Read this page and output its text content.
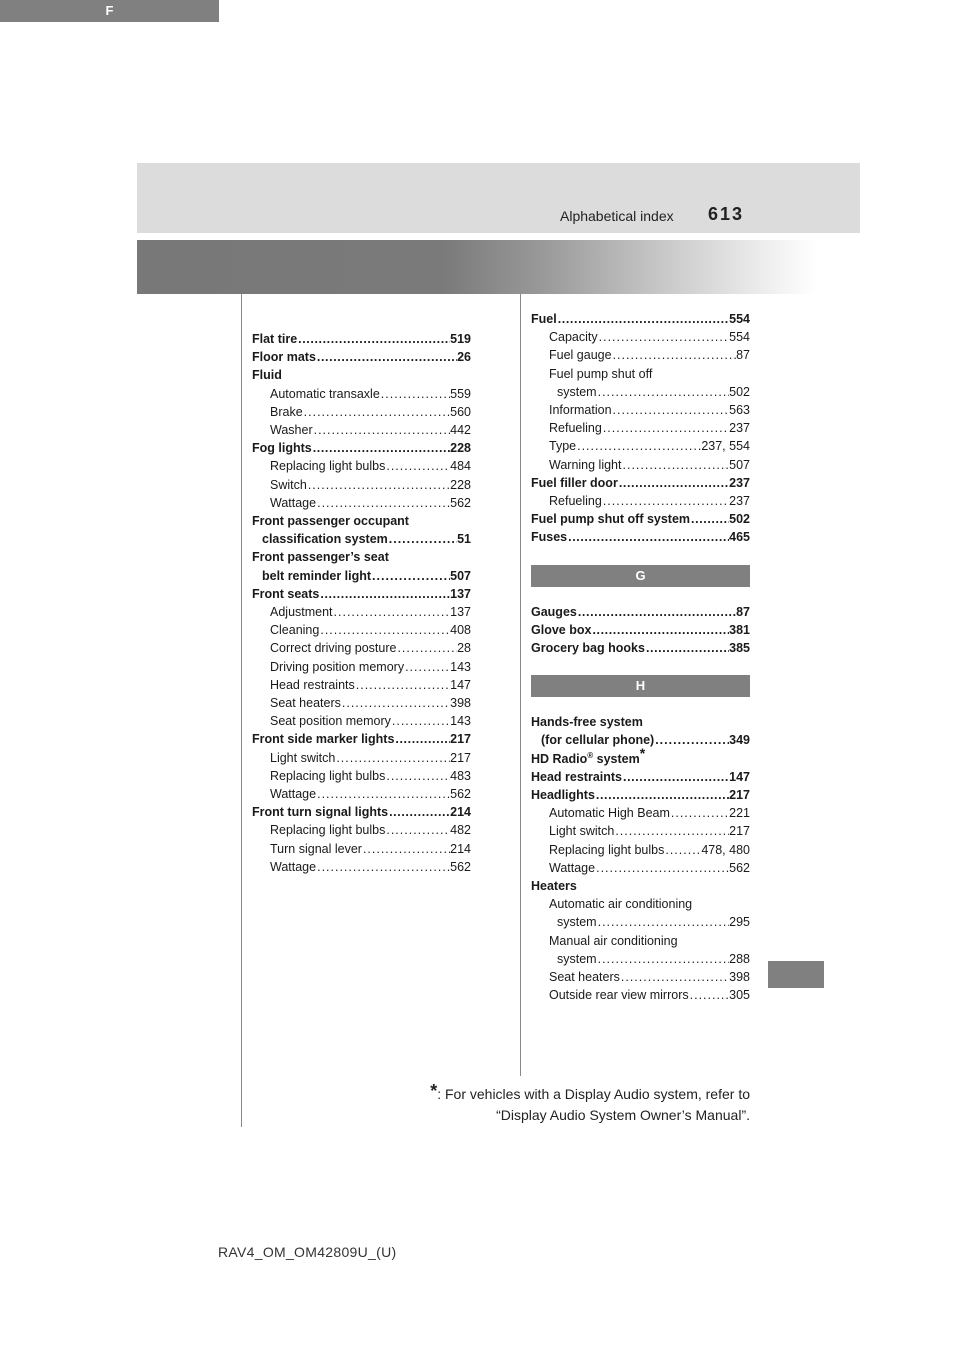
Alphabetical index 613
F
Flat tire .....	519
Floor mats .....	26
Fluid
Automatic transaxle .....	559
Brake .....	560
Washer .....	442
Fog lights .....	228
Replacing light bulbs .....	484
Switch .....	228
Wattage .....	562
Front passenger occupant
classification system .....	51
Front passenger’s seat
belt reminder light .....	507
Front seats .....	137
Adjustment .....	137
Cleaning .....	408
Correct driving posture .....	28
Driving position memory .....	143
Head restraints .....	147
Seat heaters .....	398
Seat position memory .....	143
Front side marker lights .....	217
Light switch .....	217
Replacing light bulbs .....	483
Wattage .....	562
Front turn signal lights .....	214
Replacing light bulbs .....	482
Turn signal lever .....	214
Wattage .....	562
Fuel .....	554
Capacity .....	554
Fuel gauge .....	87
Fuel pump shut off
system .....	502
Information .....	563
Refueling .....	237
Type .....	237, 554
Warning light .....	507
Fuel filler door .....	237
Refueling .....	237
Fuel pump shut off system .....	502
Fuses .....	465
G
Gauges .....	87
Glove box .....	381
Grocery bag hooks .....	385
H
Hands-free system
(for cellular phone) .....	349
HD Radio® system*
Head restraints .....	147
Headlights .....	217
Automatic High Beam .....	221
Light switch .....	217
Replacing light bulbs .....	478, 480
Wattage .....	562
Heaters
Automatic air conditioning
system .....	295
Manual air conditioning
system .....	288
Seat heaters .....	398
Outside rear view mirrors .....	305
*: For vehicles with a Display Audio system, refer to
“Display Audio System Owner’s Manual”.
RAV4_OM_OM42809U_(U)
